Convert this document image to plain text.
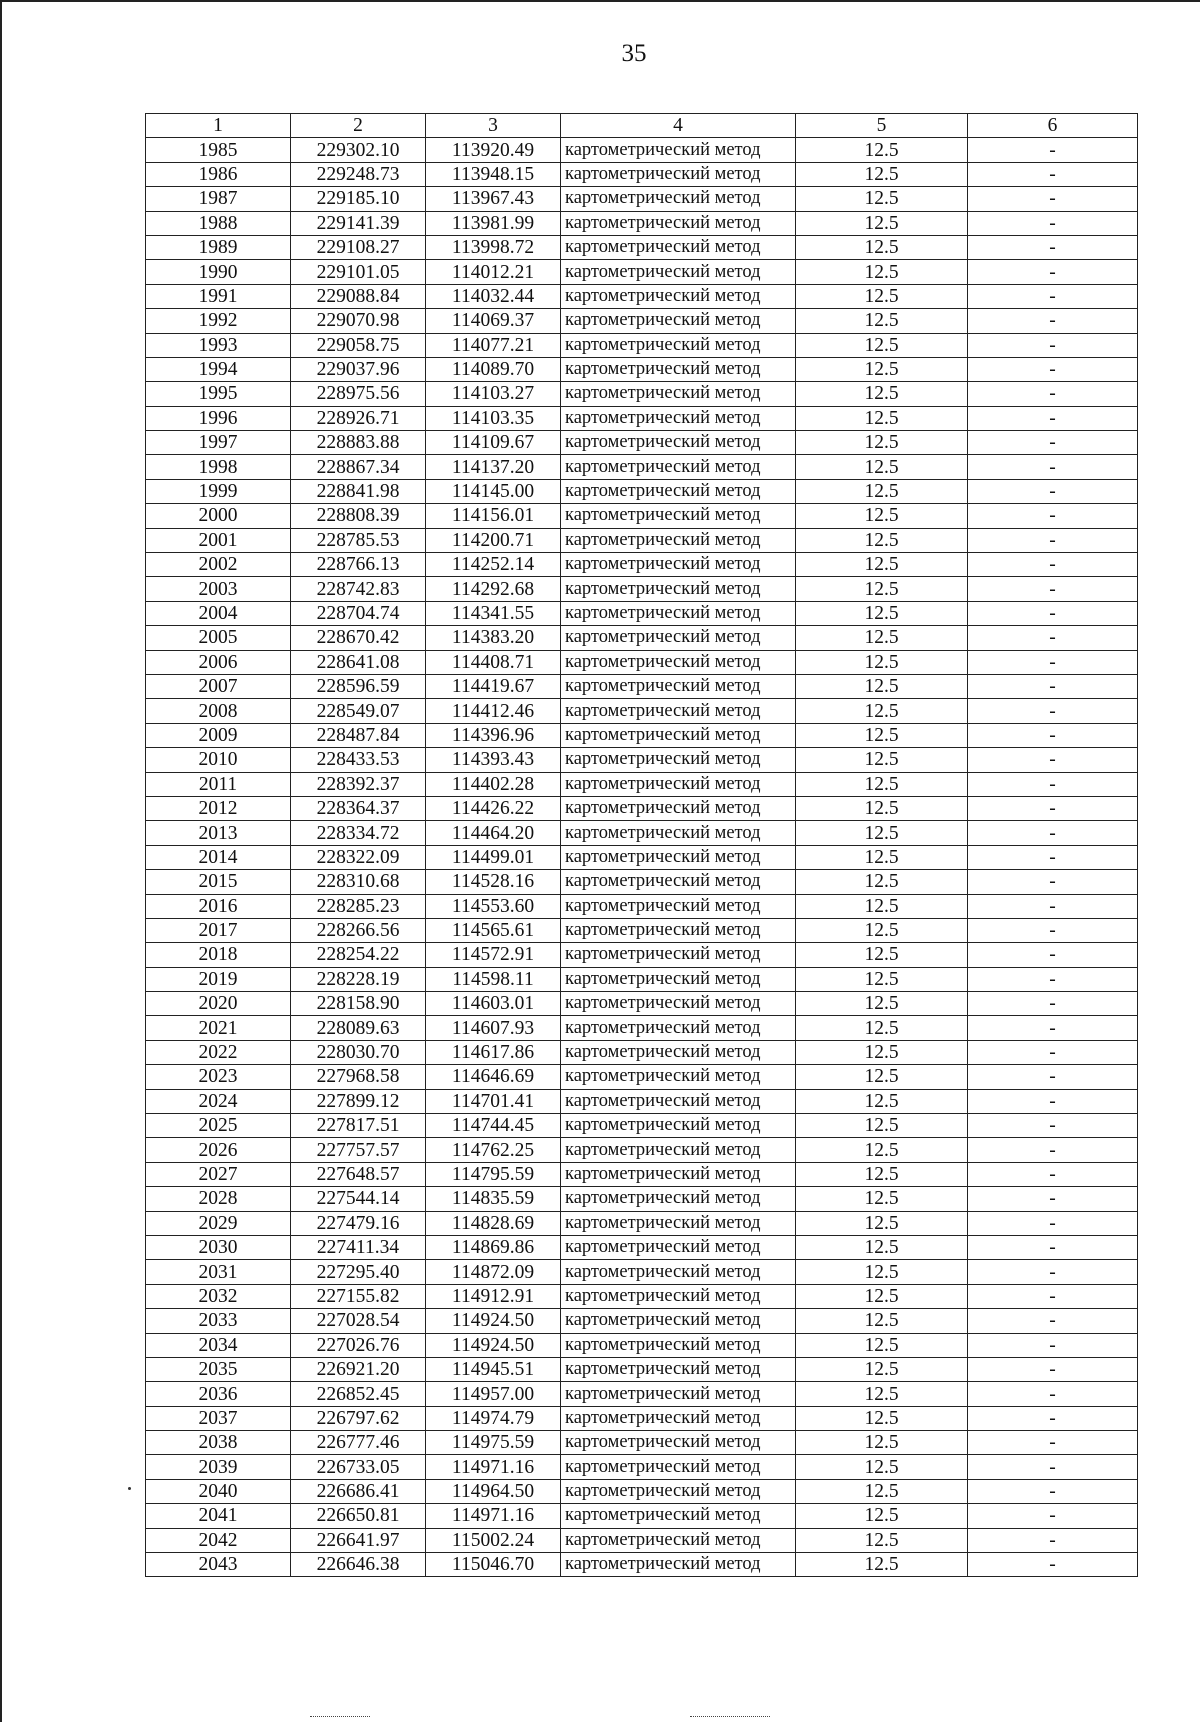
35
1	2	3	4	5	6
1985	229302.10	113920.49	картометрический метод	12.5	-
1986	229248.73	113948.15	картометрический метод	12.5	-
1987	229185.10	113967.43	картометрический метод	12.5	-
1988	229141.39	113981.99	картометрический метод	12.5	-
1989	229108.27	113998.72	картометрический метод	12.5	-
1990	229101.05	114012.21	картометрический метод	12.5	-
1991	229088.84	114032.44	картометрический метод	12.5	-
1992	229070.98	114069.37	картометрический метод	12.5	-
1993	229058.75	114077.21	картометрический метод	12.5	-
1994	229037.96	114089.70	картометрический метод	12.5	-
1995	228975.56	114103.27	картометрический метод	12.5	-
1996	228926.71	114103.35	картометрический метод	12.5	-
1997	228883.88	114109.67	картометрический метод	12.5	-
1998	228867.34	114137.20	картометрический метод	12.5	-
1999	228841.98	114145.00	картометрический метод	12.5	-
2000	228808.39	114156.01	картометрический метод	12.5	-
2001	228785.53	114200.71	картометрический метод	12.5	-
2002	228766.13	114252.14	картометрический метод	12.5	-
2003	228742.83	114292.68	картометрический метод	12.5	-
2004	228704.74	114341.55	картометрический метод	12.5	-
2005	228670.42	114383.20	картометрический метод	12.5	-
2006	228641.08	114408.71	картометрический метод	12.5	-
2007	228596.59	114419.67	картометрический метод	12.5	-
2008	228549.07	114412.46	картометрический метод	12.5	-
2009	228487.84	114396.96	картометрический метод	12.5	-
2010	228433.53	114393.43	картометрический метод	12.5	-
2011	228392.37	114402.28	картометрический метод	12.5	-
2012	228364.37	114426.22	картометрический метод	12.5	-
2013	228334.72	114464.20	картометрический метод	12.5	-
2014	228322.09	114499.01	картометрический метод	12.5	-
2015	228310.68	114528.16	картометрический метод	12.5	-
2016	228285.23	114553.60	картометрический метод	12.5	-
2017	228266.56	114565.61	картометрический метод	12.5	-
2018	228254.22	114572.91	картометрический метод	12.5	-
2019	228228.19	114598.11	картометрический метод	12.5	-
2020	228158.90	114603.01	картометрический метод	12.5	-
2021	228089.63	114607.93	картометрический метод	12.5	-
2022	228030.70	114617.86	картометрический метод	12.5	-
2023	227968.58	114646.69	картометрический метод	12.5	-
2024	227899.12	114701.41	картометрический метод	12.5	-
2025	227817.51	114744.45	картометрический метод	12.5	-
2026	227757.57	114762.25	картометрический метод	12.5	-
2027	227648.57	114795.59	картометрический метод	12.5	-
2028	227544.14	114835.59	картометрический метод	12.5	-
2029	227479.16	114828.69	картометрический метод	12.5	-
2030	227411.34	114869.86	картометрический метод	12.5	-
2031	227295.40	114872.09	картометрический метод	12.5	-
2032	227155.82	114912.91	картометрический метод	12.5	-
2033	227028.54	114924.50	картометрический метод	12.5	-
2034	227026.76	114924.50	картометрический метод	12.5	-
2035	226921.20	114945.51	картометрический метод	12.5	-
2036	226852.45	114957.00	картометрический метод	12.5	-
2037	226797.62	114974.79	картометрический метод	12.5	-
2038	226777.46	114975.59	картометрический метод	12.5	-
2039	226733.05	114971.16	картометрический метод	12.5	-
2040	226686.41	114964.50	картометрический метод	12.5	-
2041	226650.81	114971.16	картометрический метод	12.5	-
2042	226641.97	115002.24	картометрический метод	12.5	-
2043	226646.38	115046.70	картометрический метод	12.5	-
